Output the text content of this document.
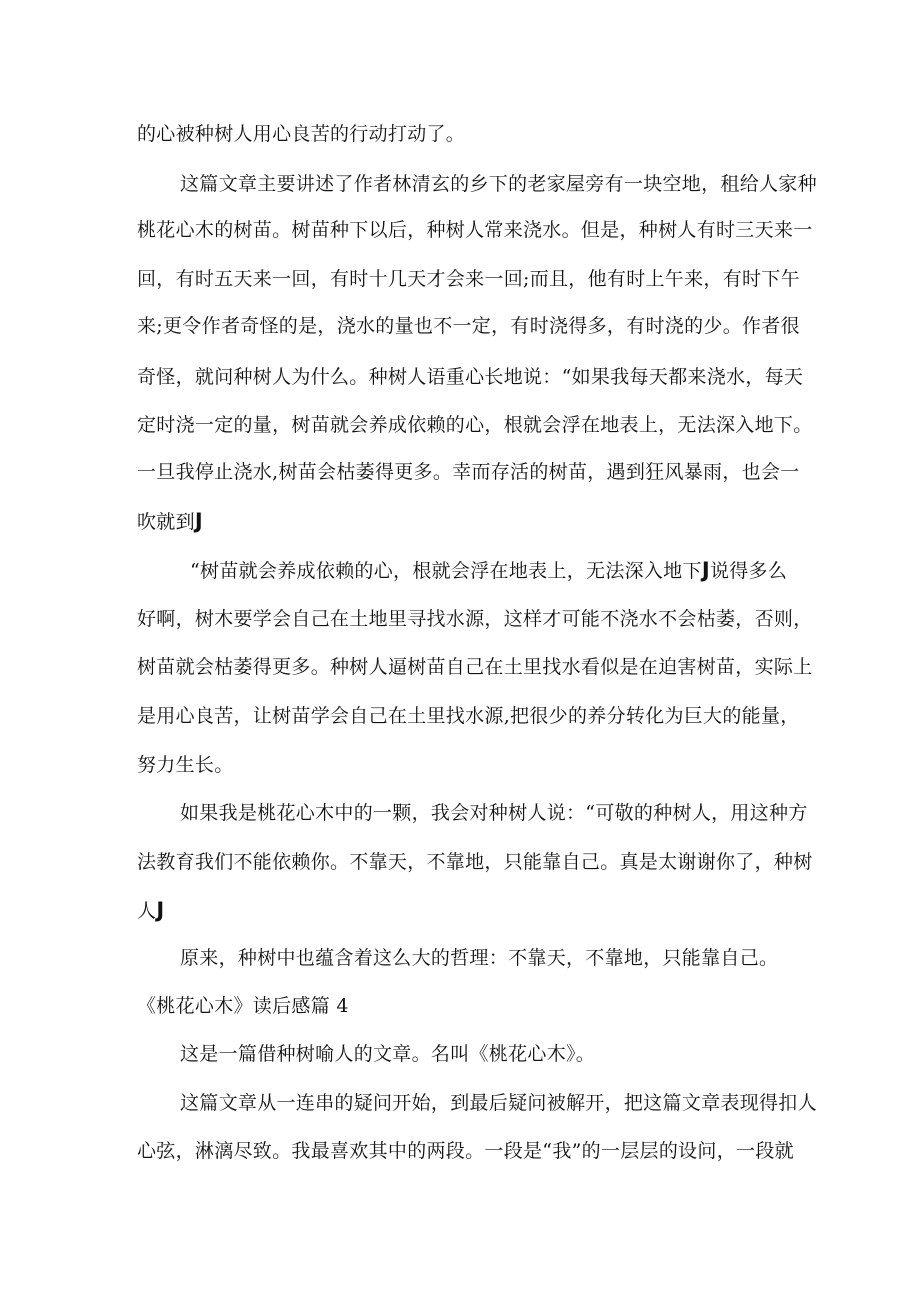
的心被种树人用心良苦的行动打动了。
这篇文章主要讲述了作者林清玄的乡下的老家屋旁有一块空地，租给人家种
桃花心木的树苗。树苗种下以后，种树人常来浇水。但是，种树人有时三天来一
回，有时五天来一回，有时十几天才会来一回;而且，他有时上午来，有时下午
来;更令作者奇怪的是，浇水的量也不一定，有时浇得多，有时浇的少。作者很
奇怪，就问种树人为什么。种树人语重心长地说：“如果我每天都来浇水，每天
定时浇一定的量，树苗就会养成依赖的心，根就会浮在地表上，无法深入地下。
一旦我停止浇水,树苗会枯萎得更多。幸而存活的树苗，遇到狂风暴雨，也会一
吹就到J
“树苗就会养成依赖的心，根就会浮在地表上，无法深入地下J说得多么
好啊，树木要学会自己在土地里寻找水源，这样才可能不浇水不会枯萎，否则，
树苗就会枯萎得更多。种树人逼树苗自己在土里找水看似是在迫害树苗，实际上
是用心良苦，让树苗学会自己在土里找水源,把很少的养分转化为巨大的能量，
努力生长。
如果我是桃花心木中的一颗，我会对种树人说：“可敬的种树人，用这种方
法教育我们不能依赖你。不靠天，不靠地，只能靠自己。真是太谢谢你了，种树
人J
原来，种树中也蕴含着这么大的哲理：不靠天，不靠地，只能靠自己。
《桃花心木》读后感篇 4
这是一篇借种树喻人的文章。名叫《桃花心木》。
这篇文章从一连串的疑问开始，到最后疑问被解开，把这篇文章表现得扣人
心弦，淋漓尽致。我最喜欢其中的两段。一段是“我”的一层层的设问，一段就
